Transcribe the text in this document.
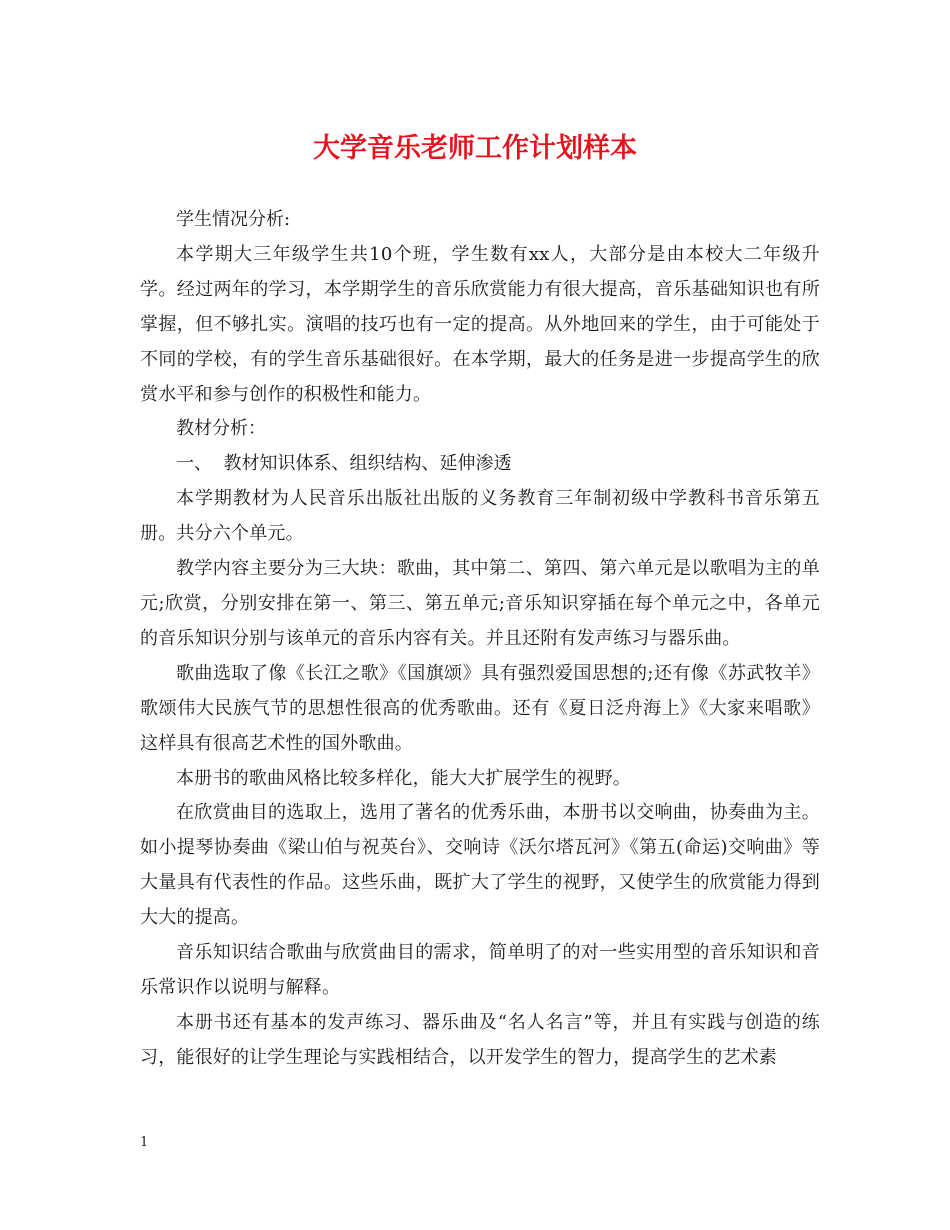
大学音乐老师工作计划样本

学生情况分析:

本学期大三年级学生共10个班，学生数有xx人，大部分是由本校大二年级升学。经过两年的学习，本学期学生的音乐欣赏能力有很大提高，音乐基础知识也有所掌握，但不够扎实。演唱的技巧也有一定的提高。从外地回来的学生，由于可能处于不同的学校，有的学生音乐基础很好。在本学期，最大的任务是进一步提高学生的欣赏水平和参与创作的积极性和能力。

教材分析：

一、  教材知识体系、组织结构、延伸渗透

本学期教材为人民音乐出版社出版的义务教育三年制初级中学教科书音乐第五册。共分六个单元。

教学内容主要分为三大块：歌曲，其中第二、第四、第六单元是以歌唱为主的单元;欣赏，分别安排在第一、第三、第五单元;音乐知识穿插在每个单元之中，各单元的音乐知识分别与该单元的音乐内容有关。并且还附有发声练习与器乐曲。

歌曲选取了像《长江之歌》《国旗颂》具有强烈爱国思想的;还有像《苏武牧羊》歌颂伟大民族气节的思想性很高的优秀歌曲。还有《夏日泛舟海上》《大家来唱歌》这样具有很高艺术性的国外歌曲。

本册书的歌曲风格比较多样化，能大大扩展学生的视野。

在欣赏曲目的选取上，选用了著名的优秀乐曲，本册书以交响曲，协奏曲为主。如小提琴协奏曲《梁山伯与祝英台》、交响诗《沃尔塔瓦河》《第五(命运)交响曲》等大量具有代表性的作品。这些乐曲，既扩大了学生的视野，又使学生的欣赏能力得到大大的提高。

音乐知识结合歌曲与欣赏曲目的需求，简单明了的对一些实用型的音乐知识和音乐常识作以说明与解释。

本册书还有基本的发声练习、器乐曲及“名人名言”等，并且有实践与创造的练习，能很好的让学生理论与实践相结合，以开发学生的智力，提高学生的艺术素

1
